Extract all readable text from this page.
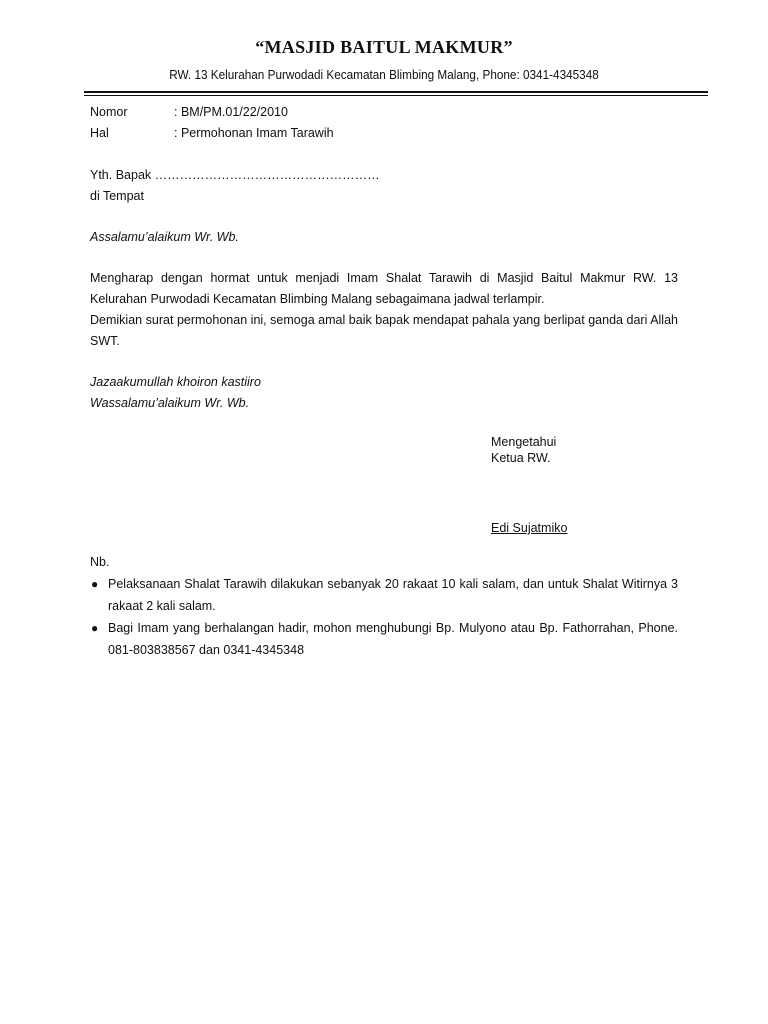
“MASJID BAITUL MAKMUR”
RW. 13 Kelurahan Purwodadi Kecamatan Blimbing Malang, Phone: 0341-4345348
Nomor	: BM/PM.01/22/2010
Hal	: Permohonan Imam Tarawih
Yth. Bapak ………………………………………………
di Tempat
Assalamu’alaikum Wr. Wb.
Mengharap dengan hormat untuk menjadi Imam Shalat Tarawih di Masjid Baitul Makmur RW. 13 Kelurahan Purwodadi Kecamatan Blimbing Malang sebagaimana jadwal terlampir.
Demikian surat permohonan ini, semoga amal baik bapak mendapat pahala yang berlipat ganda dari Allah SWT.
Jazaakumullah khoiron kastiiro
Wassalamu’alaikum Wr. Wb.
Mengetahui
Ketua RW.
Edi Sujatmiko
Nb.
● Pelaksanaan Shalat Tarawih dilakukan sebanyak 20 rakaat 10 kali salam, dan untuk Shalat Witirnya 3 rakaat 2 kali salam.
● Bagi Imam yang berhalangan hadir, mohon menghubungi Bp. Mulyono atau Bp. Fathorrahan, Phone. 081-803838567 dan 0341-4345348
